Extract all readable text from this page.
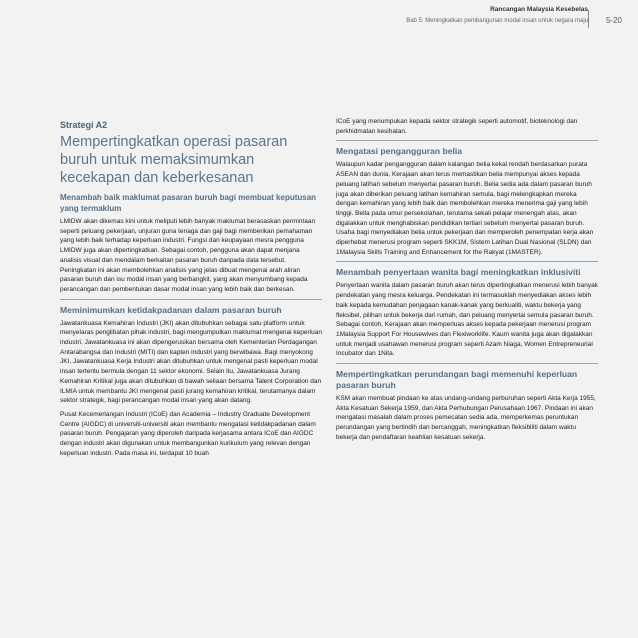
Rancangan Malaysia Kesebelas
Bab 5: Meningkatkan pembangunan modal insan untuk negara maju 5-20
Strategi A2
Mempertingkatkan operasi pasaran buruh untuk memaksimumkan kecekapan dan keberkesanan
Menambah baik maklumat pasaran buruh bagi membuat keputusan yang termaklum

LMIDW akan dikemas kini untuk meliputi lebih banyak maklumat berasaskan permintaan seperti peluang pekerjaan, unjuran guna tenaga dan gaji bagi memberikan pemahaman yang lebih baik terhadap keperluan industri. Fungsi dan keupayaan mesra pengguna LMIDW juga akan dipertingkatkan. Sebagai contoh, pengguna akan dapat menjana analisis visual dan mendalam berkaitan pasaran buruh daripada data tersebut. Peningkatan ini akan membolehkan analisis yang jelas dibuat mengenai arah aliran pasaran buruh dan isu modal insan yang berbangkit, yang akan menyumbang kepada perancangan dan pembentukan dasar modal insan yang lebih baik dan berkesan.

Meminimumkan ketidakpadanan dalam pasaran buruh

Jawatankuasa Kemahiran Industri (JKI) akan ditubuhkan sebagai satu platform untuk menyelaras penglibatan pihak industri, bagi mengumpulkan maklumat mengenai keperluan industri. Jawatankuasa ini akan dipengerusikan bersama oleh Kementerian Perdagangan Antarabangsa dan Industri (MITI) dan kapten industri yang berwibawa. Bagi menyokong JKI, Jawatankuasa Kerja Industri akan ditubuhkan untuk mengenal pasti keperluan modal insan tertentu bermula dengan 11 sektor ekonomi. Selain itu, Jawatankuasa Jurang Kemahiran Kritikal juga akan ditubuhkan di bawah seliaan bersama Talent Corporation dan ILMIA untuk membantu JKI mengenal pasti jurang kemahiran kritikal, terutamanya dalam sektor strategik, bagi perancangan modal insan yang akan datang.

Pusat Kecemerlangan Industri (ICoE) dan Academia – Industry Graduate Development Centre (AIGDC) di universiti-universiti akan membantu mengatasi ketidakpadanan dalam pasaran buruh. Pengajaran yang diperoleh daripada kerjasama antara ICoE dan AIGDC dengan industri akan digunakan untuk membangunkan kurikulum yang relevan dengan keperluan industri. Pada masa ini, terdapat 10 buah

ICoE yang menumpukan kepada sektor strategik seperti automotif, bioteknologi dan perkhidmatan kesihatan.

Mengatasi pengangguran belia

Walaupun kadar pengangguran dalam kalangan belia kekal rendah berdasarkan purata ASEAN dan dunia, Kerajaan akan terus memastikan belia mempunyai akses kepada peluang latihan sebelum menyertai pasaran buruh. Belia sedia ada dalam pasaran buruh juga akan diberikan peluang latihan kemahiran semula, bagi melengkapkan mereka dengan kemahiran yang lebih baik dan membolehkan mereka menerima gaji yang lebih tinggi. Bella pada umur persekolahan, terutama sekali pelajar menengah atas, akan digalakkan untuk menghabiskan pendidikan tertiari sebelum menyertai pasaran buruh. Usaha bagi menyediakan belia untuk pekerjaan dan memperoleh penempatan kerja akan diperhebat menerusi program seperti SKK1M, Sistem Latihan Dual Nasional (SLDN) dan 1Malaysia Skills Training and Enhancement for the Rakyat (1MASTER).

Menambah penyertaan wanita bagi meningkatkan inklusiviti

Penyertaan wanita dalam pasaran buruh akan terus dipertingkatkan menerusi lebih banyak pendekatan yang mesra keluarga. Pendekatan ini termasuklah menyediakan akses lebih baik kepada kemudahan penjagaan kanak-kanak yang berkualiti, waktu bekerja yang fleksibel, pilihan untuk bekerja dari rumah, dan peluang menyertai semula pasaran buruh. Sebagai contoh, Kerajaan akan memperluas akses kepada pekerjaan menerusi program 1Malaysia Support For Housewives dan Flexiworklife. Kaum wanita juga akan digalakkan untuk menjadi usahawan menerusi program seperti Azam Niaga, Women Entrepreneurial Incubator dan 1Nita.

Mempertingkatkan perundangan bagi memenuhi keperluan pasaran buruh

KSM akan membuat pindaan ke atas undang-undang perburuhan seperti Akta Kerja 1955, Akta Kesatuan Sekerja 1959, dan Akta Perhubungan Perusahaan 1967. Pindaan ini akan mengatasi masalah dalam proses pemecatan sedia ada, memperkemas peruntukan perundangan yang bertindih dan bercanggah, meningkatkan fleksibiliti dalam waktu bekerja dan pendaftaran keahlian kesatuan sekerja.
